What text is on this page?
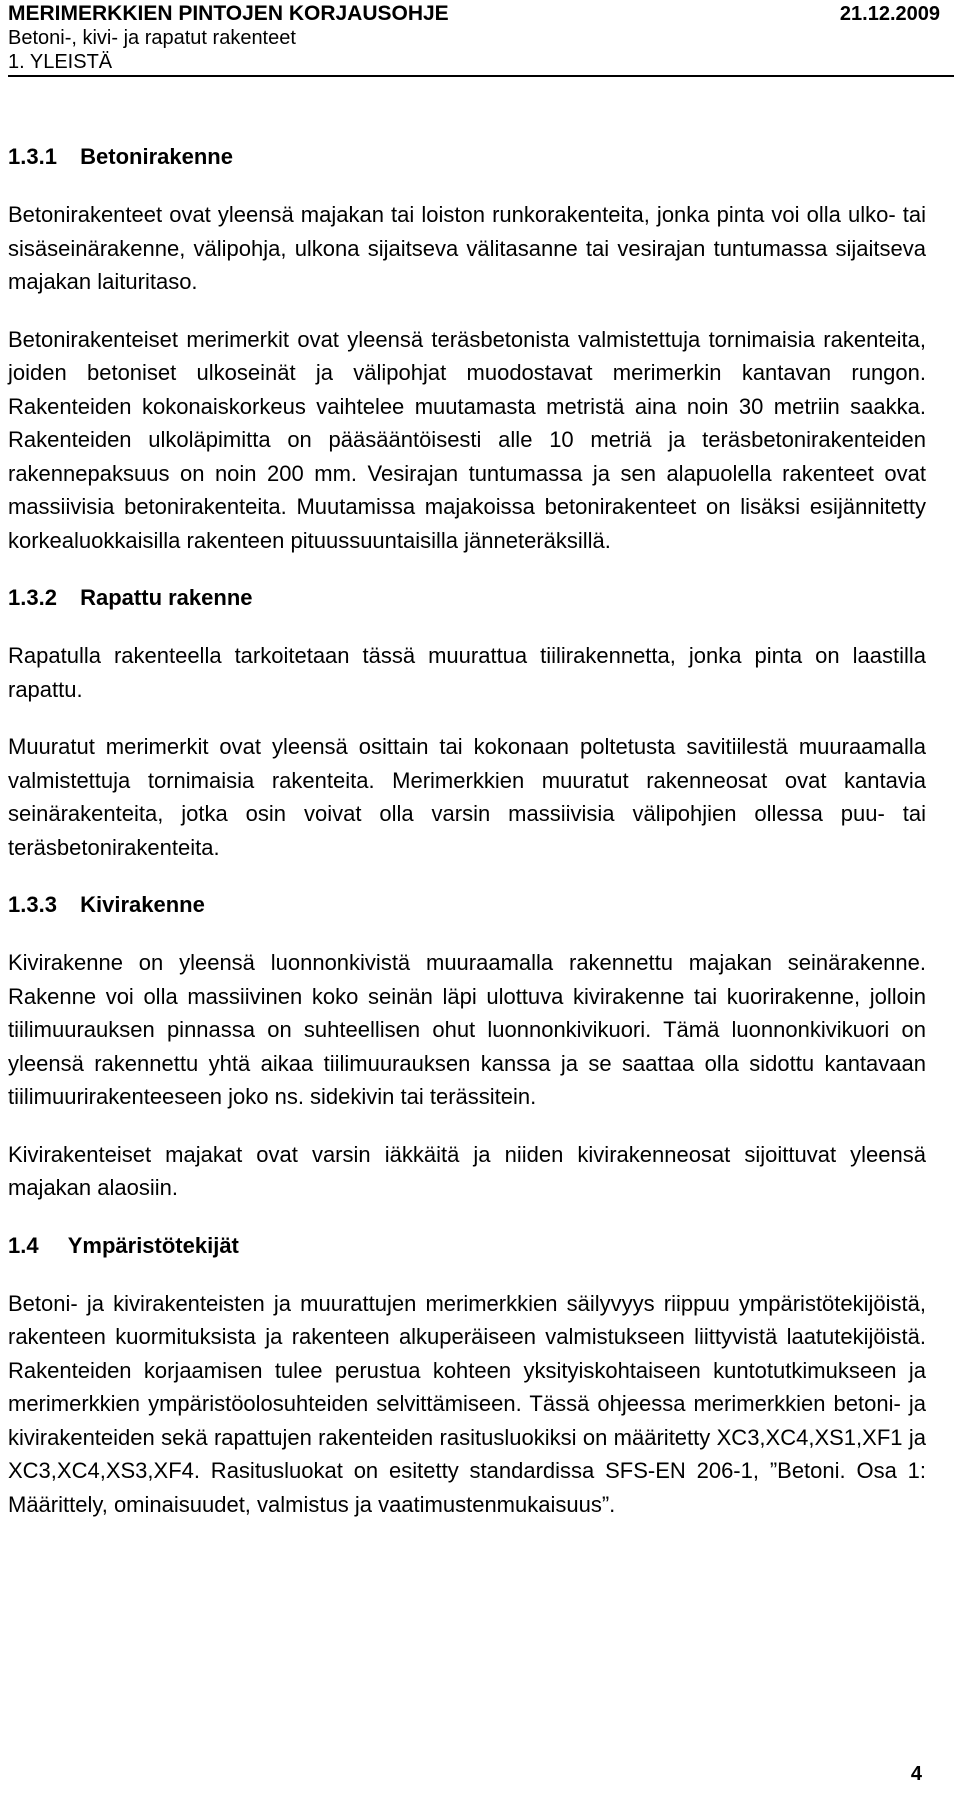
MERIMERKKIEN PINTOJEN KORJAUSOHJE	21.12.2009
Betoni-, kivi- ja rapatut rakenteet
1. YLEISTÄ
1.3.1 Betonirakenne

Betonirakenteet ovat yleensä majakan tai loiston runkorakenteita, jonka pinta voi olla ulko- tai sisäseinärakenne, välipohja, ulkona sijaitseva välitasanne tai vesirajan tuntumassa sijaitseva majakan laituritaso.

Betonirakenteiset merimerkit ovat yleensä teräsbetonista valmistettuja tornimaisia rakenteita, joiden betoniset ulkoseinät ja välipohjat muodostavat merimerkin kantavan rungon. Rakenteiden kokonaiskorkeus vaihtelee muutamasta metristä aina noin 30 metriin saakka. Rakenteiden ulkoläpimitta on pääsääntöisesti alle 10 metriä ja teräsbetonirakenteiden rakennepaksuus on noin 200 mm. Vesirajan tuntumassa ja sen alapuolella rakenteet ovat massiivisia betonirakenteita. Muutamissa majakoissa betonirakenteet on lisäksi esijännitetty korkealuokkaisilla rakenteen pituussuuntaisilla jänneteräksillä.

1.3.2 Rapattu rakenne

Rapatulla rakenteella tarkoitetaan tässä muurattua tiilirakennetta, jonka pinta on laastilla rapattu.

Muuratut merimerkit ovat yleensä osittain tai kokonaan poltetusta savitiilestä muuraamalla valmistettuja tornimaisia rakenteita. Merimerkkien muuratut rakenneosat ovat kantavia seinärakenteita, jotka osin voivat olla varsin massiivisia välipohjien ollessa puu- tai teräsbetonirakenteita.

1.3.3 Kivirakenne

Kivirakenne on yleensä luonnonkivistä muuraamalla rakennettu majakan seinärakenne. Rakenne voi olla massiivinen koko seinän läpi ulottuva kivirakenne tai kuorirakenne, jolloin tiilimuurauksen pinnassa on suhteellisen ohut luonnonkivikuori. Tämä luonnonkivikuori on yleensä rakennettu yhtä aikaa tiilimuurauksen kanssa ja se saattaa olla sidottu kantavaan tiilimuurirakenteeseen joko ns. sidekivin tai terässitein.

Kivirakenteiset majakat ovat varsin iäkkäitä ja niiden kivirakenneosat sijoittuvat yleensä majakan alaosiin.

1.4 Ympäristötekijät

Betoni- ja kivirakenteisten ja muurattujen merimerkkien säilyvyys riippuu ympäristötekijöistä, rakenteen kuormituksista ja rakenteen alkuperäiseen valmistukseen liittyvistä laatutekijöistä. Rakenteiden korjaamisen tulee perustua kohteen yksityiskohtaiseen kuntotutkimukseen ja merimerkkien ympäristöolosuhteiden selvittämiseen. Tässä ohjeessa merimerkkien betoni- ja kivirakenteiden sekä rapattujen rakenteiden rasitusluokiksi on määritetty XC3,XC4,XS1,XF1 ja XC3,XC4,XS3,XF4. Rasitusluokat on esitetty standardissa SFS-EN 206-1, ”Betoni. Osa 1: Määrittely, ominaisuudet, valmistus ja vaatimustenmukaisuus”.

4
